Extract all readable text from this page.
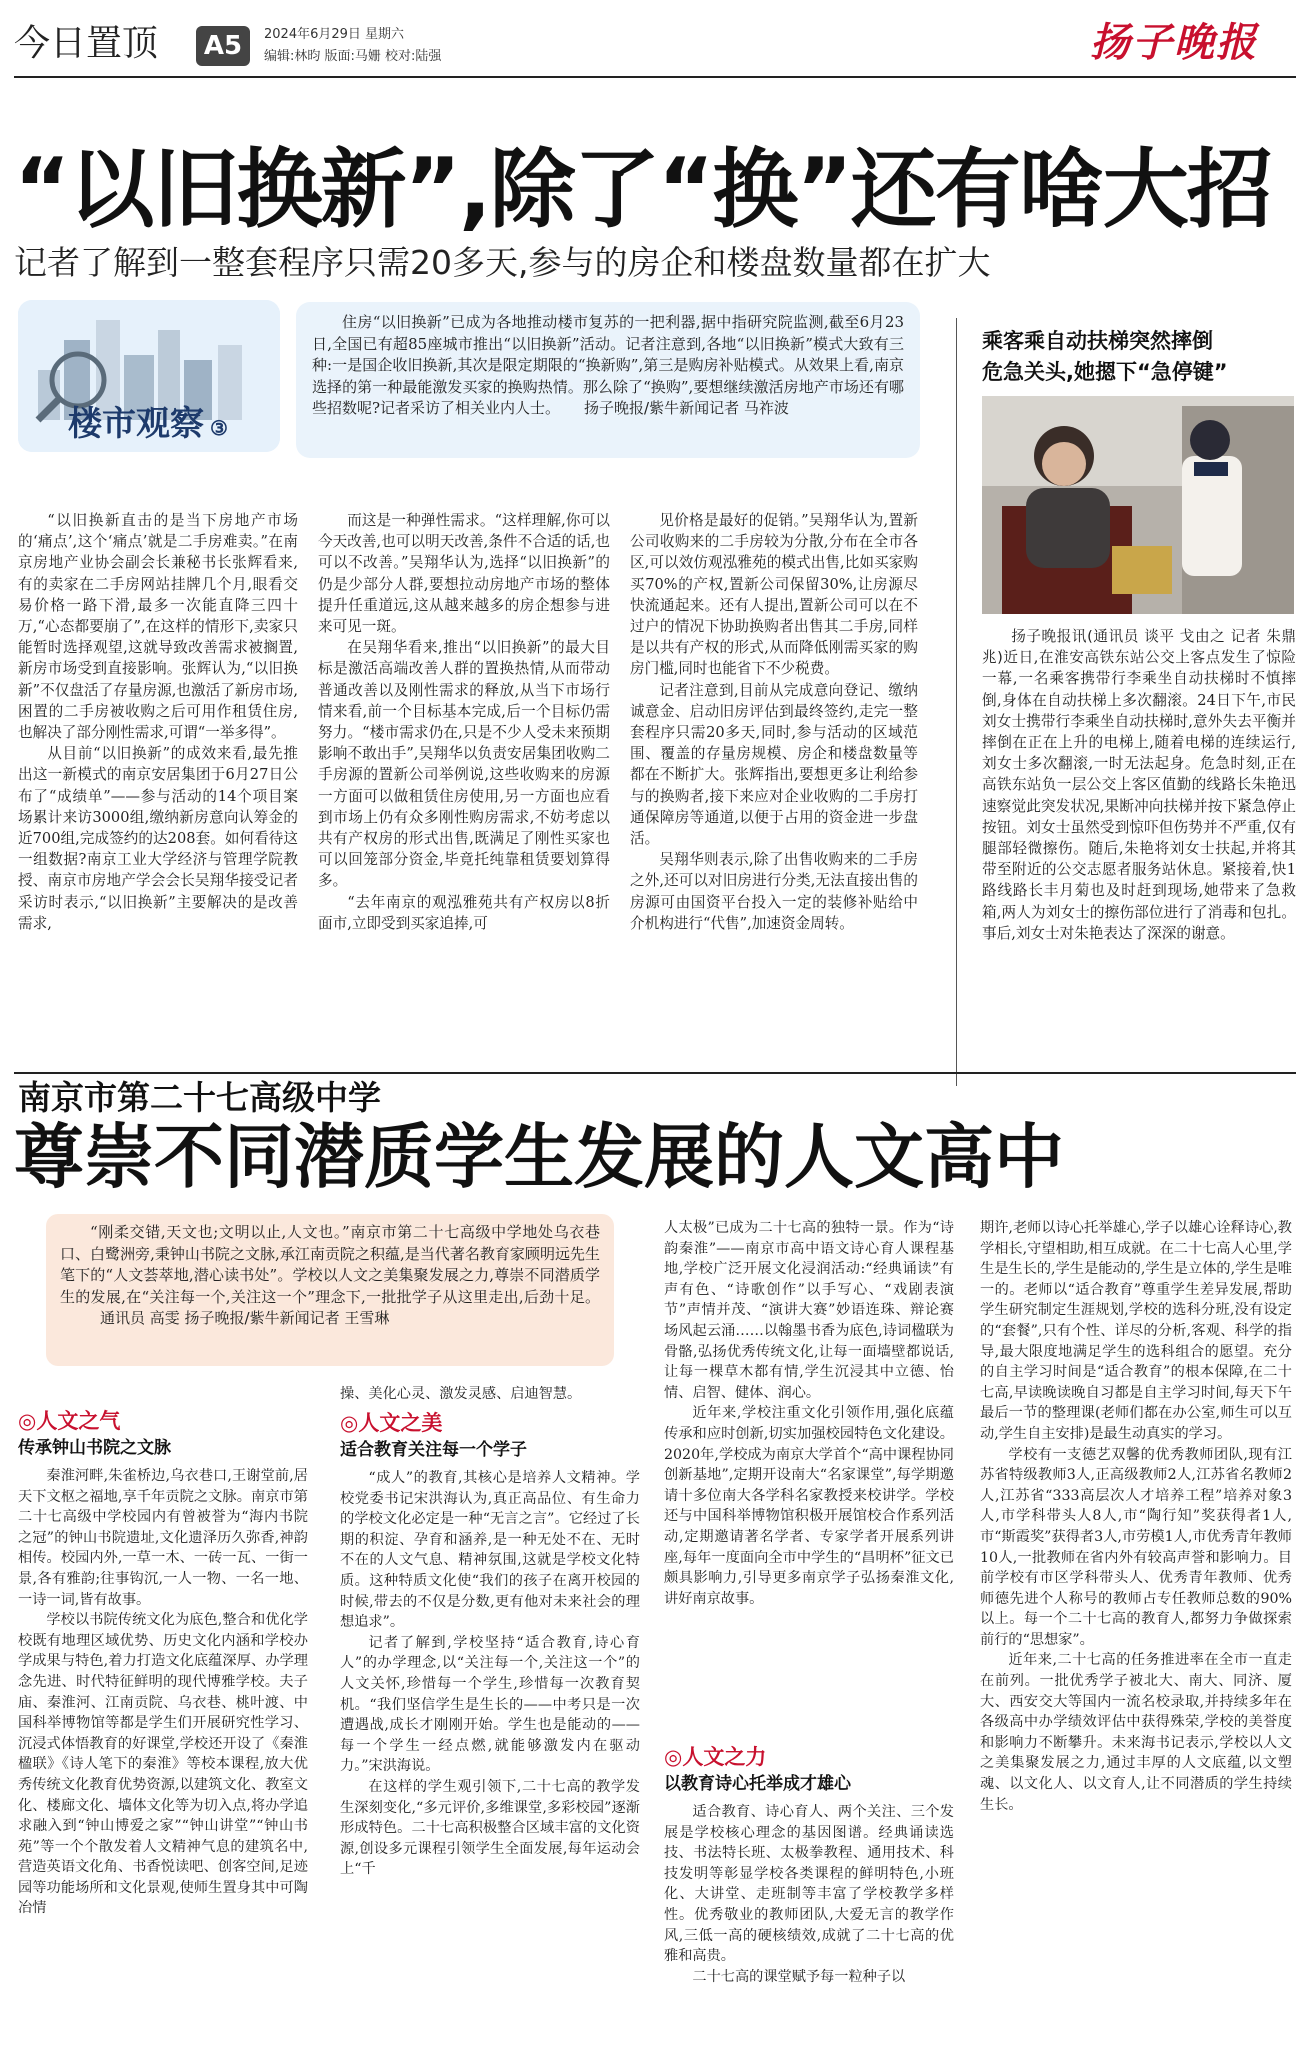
今日置顶	A5	2024年6月29日 星期六
编辑:林昀 版面:马姗 校对:陆强	扬子晚报
“以旧换新”,除了“换”还有啥大招
记者了解到一整套程序只需20多天,参与的房企和楼盘数量都在扩大
楼市观察 ③
住房“以旧换新”已成为各地推动楼市复苏的一把利器,据中指研究院监测,截至6月23日,全国已有超85座城市推出“以旧换新”活动。记者注意到,各地“以旧换新”模式大致有三种:一是国企收旧换新,其次是限定期限的“换新购”,第三是购房补贴模式。从效果上看,南京选择的第一种最能激发买家的换购热情。那么除了“换购”,要想继续激活房地产市场还有哪些招数呢?记者采访了相关业内人士。 扬子晚报/紫牛新闻记者 马祚波

“以旧换新直击的是当下房地产市场的‘痛点’,这个‘痛点’就是二手房难卖。”在南京房地产业协会副会长兼秘书长张辉看来,有的卖家在二手房网站挂牌几个月,眼看交易价格一路下滑,最多一次能直降三四十万,“心态都要崩了”,在这样的情形下,卖家只能暂时选择观望,这就导致改善需求被搁置,新房市场受到直接影响。张辉认为,“以旧换新”不仅盘活了存量房源,也激活了新房市场,困置的二手房被收购之后可用作租赁住房,也解决了部分刚性需求,可谓“一举多得”。

从目前“以旧换新”的成效来看,最先推出这一新模式的南京安居集团于6月27日公布了“成绩单”——参与活动的14个项目案场累计来访3000组,缴纳新房意向认筹金的近700组,完成签约的达208套。如何看待这一组数据?南京工业大学经济与管理学院教授、南京市房地产学会会长吴翔华接受记者采访时表示,“以旧换新”主要解决的是改善需求,

而这是一种弹性需求。“这样理解,你可以今天改善,也可以明天改善,条件不合适的话,也可以不改善。”吴翔华认为,选择“以旧换新”的仍是少部分人群,要想拉动房地产市场的整体提升任重道远,这从越来越多的房企想参与进来可见一斑。

在吴翔华看来,推出“以旧换新”的最大目标是激活高端改善人群的置换热情,从而带动普通改善以及刚性需求的释放,从当下市场行情来看,前一个目标基本完成,后一个目标仍需努力。“楼市需求仍在,只是不少人受未来预期影响不敢出手”,吴翔华以负责安居集团收购二手房源的置新公司举例说,这些收购来的房源一方面可以做租赁住房使用,另一方面也应看到市场上仍有众多刚性购房需求,不妨考虑以共有产权房的形式出售,既满足了刚性买家也可以回笼部分资金,毕竟托纯靠租赁要划算得多。

“去年南京的观泓雅苑共有产权房以8折面市,立即受到买家追捧,可

见价格是最好的促销。”吴翔华认为,置新公司收购来的二手房较为分散,分布在全市各区,可以效仿观泓雅苑的模式出售,比如买家购买70%的产权,置新公司保留30%,让房源尽快流通起来。还有人提出,置新公司可以在不过户的情况下协助换购者出售其二手房,同样是以共有产权的形式,从而降低刚需买家的购房门槛,同时也能省下不少税费。

记者注意到,目前从完成意向登记、缴纳诚意金、启动旧房评估到最终签约,走完一整套程序只需20多天,同时,参与活动的区域范围、覆盖的存量房规模、房企和楼盘数量等都在不断扩大。张辉指出,要想更多让利给参与的换购者,接下来应对企业收购的二手房打通保障房等通道,以便于占用的资金进一步盘活。

吴翔华则表示,除了出售收购来的二手房之外,还可以对旧房进行分类,无法直接出售的房源可由国资平台投入一定的装修补贴给中介机构进行“代售”,加速资金周转。

乘客乘自动扶梯突然摔倒
危急关头,她摁下“急停键”

扬子晚报讯(通讯员 谈平 戈由之 记者 朱鼎兆)近日,在淮安高铁东站公交上客点发生了惊险一幕,一名乘客携带行李乘坐自动扶梯时不慎摔倒,身体在自动扶梯上多次翻滚。24日下午,市民刘女士携带行李乘坐自动扶梯时,意外失去平衡并摔倒在正在上升的电梯上,随着电梯的连续运行,刘女士多次翻滚,一时无法起身。危急时刻,正在高铁东站负一层公交上客区值勤的线路长朱艳迅速察觉此突发状况,果断冲向扶梯并按下紧急停止按钮。刘女士虽然受到惊吓但伤势并不严重,仅有腿部轻微擦伤。随后,朱艳将刘女士扶起,并将其带至附近的公交志愿者服务站休息。紧接着,快1路线路长丰月菊也及时赶到现场,她带来了急救箱,两人为刘女士的擦伤部位进行了消毒和包扎。事后,刘女士对朱艳表达了深深的谢意。

南京市第二十七高级中学
尊崇不同潜质学生发展的人文高中
“刚柔交错,天文也;文明以止,人文也。”南京市第二十七高级中学地处乌衣巷口、白鹭洲旁,秉钟山书院之文脉,承江南贡院之积蕴,是当代著名教育家顾明远先生笔下的“人文荟萃地,潜心读书处”。学校以人文之美集聚发展之力,尊崇不同潜质学生的发展,在“关注每一个,关注这一个”理念下,一批批学子从这里走出,后劲十足。通讯员 高雯 扬子晚报/紫牛新闻记者 王雪琳
◎人文之气
传承钟山书院之文脉

秦淮河畔,朱雀桥边,乌衣巷口,王谢堂前,居天下文枢之福地,享千年贡院之文脉。南京市第二十七高级中学校园内有曾被誉为“海内书院之冠”的钟山书院遗址,文化遗泽历久弥香,神韵相传。校园内外,一草一木、一砖一瓦、一街一景,各有雅韵;往事钩沉,一人一物、一名一地、一诗一词,皆有故事。

学校以书院传统文化为底色,整合和优化学校既有地理区域优势、历史文化内涵和学校办学成果与特色,着力打造文化底蕴深厚、办学理念先进、时代特征鲜明的现代博雅学校。夫子庙、秦淮河、江南贡院、乌衣巷、桃叶渡、中国科举博物馆等都是学生们开展研究性学习、沉浸式体悟教育的好课堂,学校还开设了《秦淮楹联》《诗人笔下的秦淮》等校本课程,放大优秀传统文化教育优势资源,以建筑文化、教室文化、楼廊文化、墙体文化等为切入点,将办学追求融入到“钟山博爱之家”“钟山讲堂”“钟山书苑”等一个个散发着人文精神气息的建筑名中,营造英语文化角、书香悦读吧、创客空间,足迹园等功能场所和文化景观,使师生置身其中可陶冶情

操、美化心灵、激发灵感、启迪智慧。

◎人文之美
适合教育关注每一个学子

“成人”的教育,其核心是培养人文精神。学校党委书记宋洪海认为,真正高品位、有生命力的学校文化必定是一种“无言之言”。它经过了长期的积淀、孕育和涵养,是一种无处不在、无时不在的人文气息、精神氛围,这就是学校文化特质。这种特质文化使“我们的孩子在离开校园的时候,带去的不仅是分数,更有他对未来社会的理想追求”。

记者了解到,学校坚持“适合教育,诗心育人”的办学理念,以“关注每一个,关注这一个”的人文关怀,珍惜每一个学生,珍惜每一次教育契机。“我们坚信学生是生长的——中考只是一次遭遇战,成长才刚刚开始。学生也是能动的——每一个学生一经点燃,就能够激发内在驱动力。”宋洪海说。

在这样的学生观引领下,二十七高的教学发生深刻变化,“多元评价,多维课堂,多彩校园”逐渐形成特色。二十七高积极整合区域丰富的文化资源,创设多元课程引领学生全面发展,每年运动会上“千

人太极”已成为二十七高的独特一景。作为“诗韵秦淮”——南京市高中语文诗心育人课程基地,学校广泛开展文化浸润活动:“经典诵读”有声有色、“诗歌创作”以手写心、“戏剧表演节”声情并茂、“演讲大赛”妙语连珠、辩论赛场风起云涌……以翰墨书香为底色,诗词楹联为骨骼,弘扬优秀传统文化,让每一面墙壁都说话,让每一棵草木都有情,学生沉浸其中立德、怡情、启智、健体、润心。

近年来,学校注重文化引领作用,强化底蕴传承和应时创新,切实加强校园特色文化建设。2020年,学校成为南京大学首个“高中课程协同创新基地”,定期开设南大“名家课堂”,每学期邀请十多位南大各学科名家教授来校讲学。学校还与中国科举博物馆积极开展馆校合作系列活动,定期邀请著名学者、专家学者开展系列讲座,每年一度面向全市中学生的“昌明杯”征文已颇具影响力,引导更多南京学子弘扬秦淮文化,讲好南京故事。

◎人文之力
以教育诗心托举成才雄心

适合教育、诗心育人、两个关注、三个发展是学校核心理念的基因图谱。经典诵读选技、书法特长班、太极拳教程、通用技术、科技发明等彰显学校各类课程的鲜明特色,小班化、大讲堂、走班制等丰富了学校教学多样性。优秀敬业的教师团队,大爱无言的教学作风,三低一高的硬核绩效,成就了二十七高的优雅和高贵。

二十七高的课堂赋予每一粒种子以

期许,老师以诗心托举雄心,学子以雄心诠释诗心,教学相长,守望相助,相互成就。在二十七高人心里,学生是生长的,学生是能动的,学生是立体的,学生是唯一的。老师以“适合教育”尊重学生差异发展,帮助学生研究制定生涯规划,学校的选科分班,没有设定的“套餐”,只有个性、详尽的分析,客观、科学的指导,最大限度地满足学生的选科组合的愿望。充分的自主学习时间是“适合教育”的根本保障,在二十七高,早读晚读晚自习都是自主学习时间,每天下午最后一节的整理课(老师们都在办公室,师生可以互动,学生自主安排)是最生动真实的学习。

学校有一支德艺双馨的优秀教师团队,现有江苏省特级教师3人,正高级教师2人,江苏省名教师2人,江苏省“333高层次人才培养工程”培养对象3人,市学科带头人8人,市“陶行知”奖获得者1人,市“斯霞奖”获得者3人,市劳模1人,市优秀青年教师10人,一批教师在省内外有较高声誉和影响力。目前学校有市区学科带头人、优秀青年教师、优秀师德先进个人称号的教师占专任教师总数的90%以上。每一个二十七高的教育人,都努力争做探索前行的“思想家”。

近年来,二十七高的任务推进率在全市一直走在前列。一批优秀学子被北大、南大、同济、厦大、西安交大等国内一流名校录取,并持续多年在各级高中办学绩效评估中获得殊荣,学校的美誉度和影响力不断攀升。未来海书记表示,学校以人文之美集聚发展之力,通过丰厚的人文底蕴,以文塑魂、以文化人、以文育人,让不同潜质的学生持续生长。
